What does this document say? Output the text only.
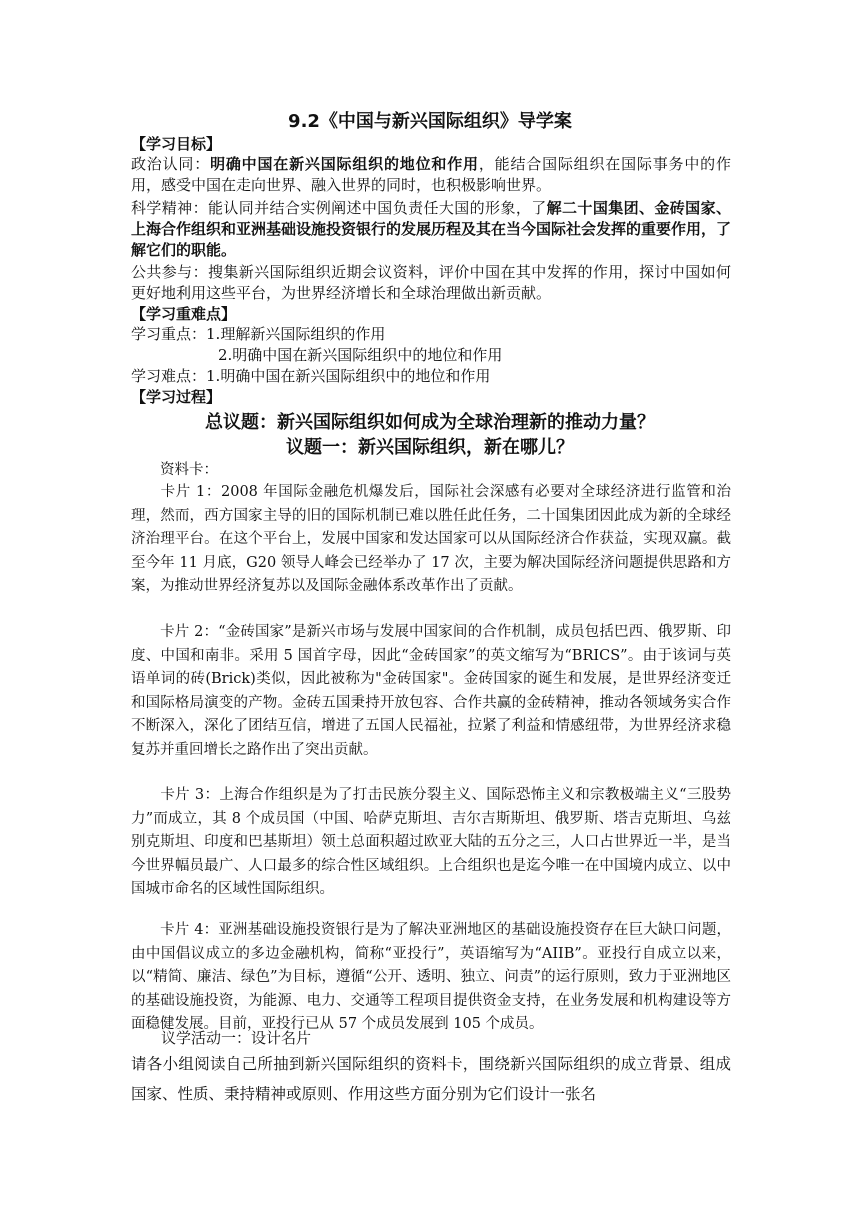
9.2《中国与新兴国际组织》导学案
【学习目标】
政治认同：明确中国在新兴国际组织的地位和作用，能结合国际组织在国际事务中的作用，感受中国在走向世界、融入世界的同时，也积极影响世界。
科学精神：能认同并结合实例阐述中国负责任大国的形象，了解二十国集团、金砖国家、上海合作组织和亚洲基础设施投资银行的发展历程及其在当今国际社会发挥的重要作用，了解它们的职能。
公共参与：搜集新兴国际组织近期会议资料，评价中国在其中发挥的作用，探讨中国如何更好地利用这些平台，为世界经济增长和全球治理做出新贡献。
【学习重难点】
学习重点：1.理解新兴国际组织的作用
2.明确中国在新兴国际组织中的地位和作用
学习难点：1.明确中国在新兴国际组织中的地位和作用
【学习过程】
总议题：新兴国际组织如何成为全球治理新的推动力量？
议题一：新兴国际组织，新在哪儿？
资料卡：
卡片 1：2008 年国际金融危机爆发后，国际社会深感有必要对全球经济进行监管和治理，然而，西方国家主导的旧的国际机制已难以胜任此任务，二十国集团因此成为新的全球经济治理平台。在这个平台上，发展中国家和发达国家可以从国际经济合作获益，实现双赢。截至今年 11 月底，G20 领导人峰会已经举办了 17 次，主要为解决国际经济问题提供思路和方案，为推动世界经济复苏以及国际金融体系改革作出了贡献。
卡片 2：“金砖国家”是新兴市场与发展中国家间的合作机制，成员包括巴西、俄罗斯、印度、中国和南非。采用 5 国首字母，因此“金砖国家”的英文缩写为“BRICS”。由于该词与英语单词的砖(Brick)类似，因此被称为"金砖国家"。金砖国家的诞生和发展，是世界经济变迁和国际格局演变的产物。金砖五国秉持开放包容、合作共赢的金砖精神，推动各领域务实合作不断深入，深化了团结互信，增进了五国人民福祉，拉紧了利益和情感纽带，为世界经济求稳复苏并重回增长之路作出了突出贡献。
卡片 3：上海合作组织是为了打击民族分裂主义、国际恐怖主义和宗教极端主义“三股势力”而成立，其 8 个成员国（中国、哈萨克斯坦、吉尔吉斯斯坦、俄罗斯、塔吉克斯坦、乌兹别克斯坦、印度和巴基斯坦）领土总面积超过欧亚大陆的五分之三，人口占世界近一半，是当今世界幅员最广、人口最多的综合性区域组织。上合组织也是迄今唯一在中国境内成立、以中国城市命名的区域性国际组织。
卡片 4：亚洲基础设施投资银行是为了解决亚洲地区的基础设施投资存在巨大缺口问题，由中国倡议成立的多边金融机构，简称“亚投行”，英语缩写为“AIIB”。亚投行自成立以来，以“精简、廉洁、绿色”为目标，遵循“公开、透明、独立、问责”的运行原则，致力于亚洲地区的基础设施投资，为能源、电力、交通等工程项目提供资金支持，在业务发展和机构建设等方面稳健发展。目前，亚投行已从 57 个成员发展到 105 个成员。
议学活动一：设计名片
请各小组阅读自己所抽到新兴国际组织的资料卡，围绕新兴国际组织的成立背景、组成国家、性质、秉持精神或原则、作用这些方面分别为它们设计一张名
